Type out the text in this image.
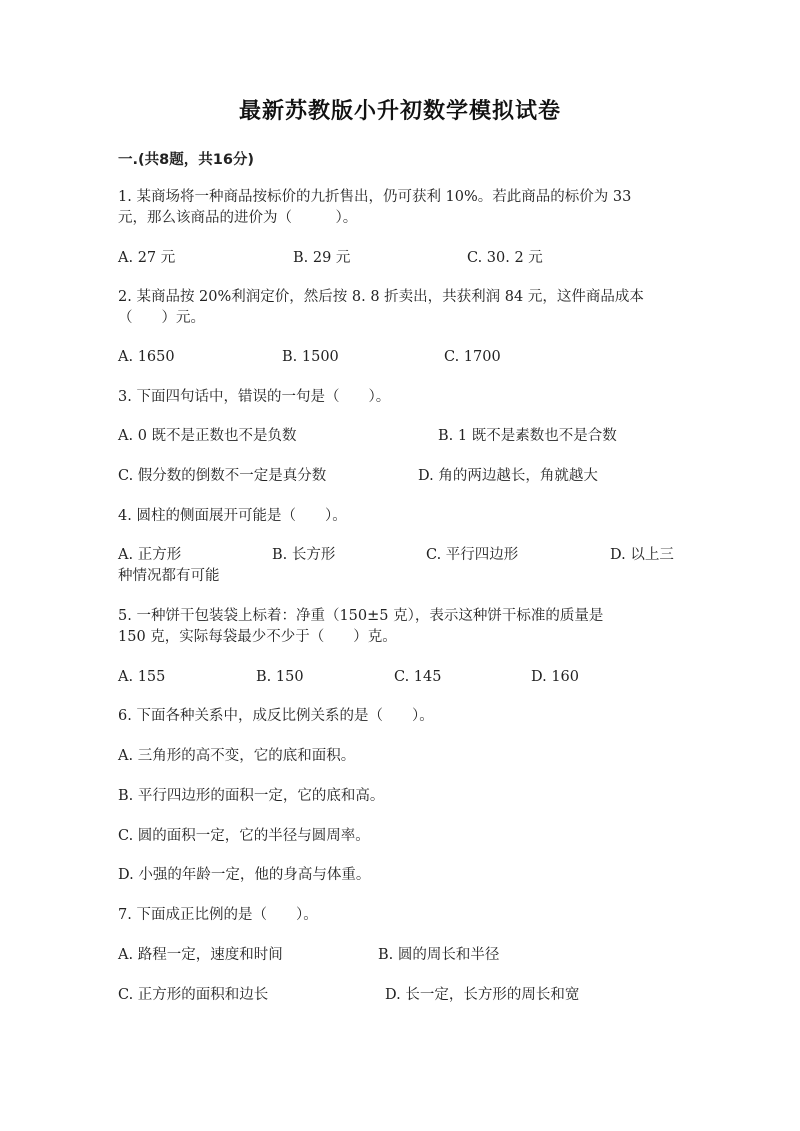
最新苏教版小升初数学模拟试卷
一.(共8题，共16分)
1. 某商场将一种商品按标价的九折售出，仍可获利 10%。若此商品的标价为 33
元，那么该商品的进价为（　　　）。
A. 27 元	B. 29 元	C. 30. 2 元
2. 某商品按 20%利润定价，然后按 8. 8 折卖出，共获利润 84 元，这件商品成本
（　　）元。
A. 1650	B. 1500	C. 1700
3. 下面四句话中，错误的一句是（　　）。
A. 0 既不是正数也不是负数	B. 1 既不是素数也不是合数
C. 假分数的倒数不一定是真分数	D. 角的两边越长，角就越大
4. 圆柱的侧面展开可能是（　　）。
A. 正方形	B. 长方形	C. 平行四边形	D. 以上三
种情况都有可能
5. 一种饼干包装袋上标着：净重（150±5 克），表示这种饼干标准的质量是
150 克，实际每袋最少不少于（　　）克。
A. 155	B. 150	C. 145	D. 160
6. 下面各种关系中，成反比例关系的是（　　）。
A. 三角形的高不变，它的底和面积。
B. 平行四边形的面积一定，它的底和高。
C. 圆的面积一定，它的半径与圆周率。
D. 小强的年龄一定，他的身高与体重。
7. 下面成正比例的是（　　）。
A. 路程一定，速度和时间	B. 圆的周长和半径
C. 正方形的面积和边长	D. 长一定，长方形的周长和宽
